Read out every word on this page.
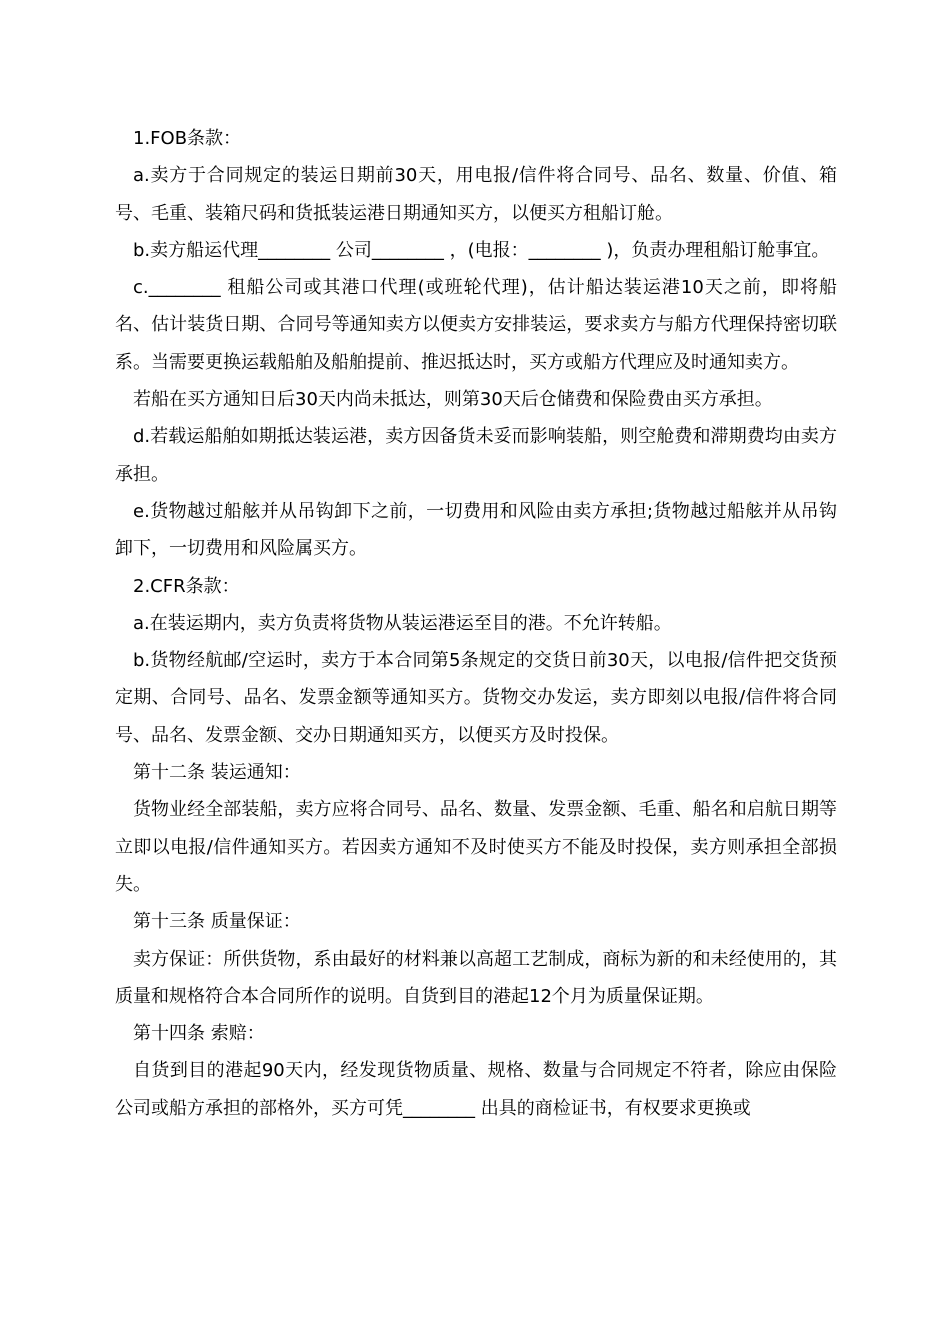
1.FOB条款：

a.卖方于合同规定的装运日期前30天，用电报/信件将合同号、品名、数量、价值、箱号、毛重、装箱尺码和货抵装运港日期通知买方，以便买方租船订舱。

b.卖方船运代理________ 公司________ ，(电报：________ )，负责办理租船订舱事宜。

c.________ 租船公司或其港口代理(或班轮代理)，估计船达装运港10天之前，即将船名、估计装货日期、合同号等通知卖方以便卖方安排装运，要求卖方与船方代理保持密切联系。当需要更换运载船舶及船舶提前、推迟抵达时，买方或船方代理应及时通知卖方。

若船在买方通知日后30天内尚未抵达，则第30天后仓储费和保险费由买方承担。

d.若载运船舶如期抵达装运港，卖方因备货未妥而影响装船，则空舱费和滞期费均由卖方承担。

e.货物越过船舷并从吊钩卸下之前，一切费用和风险由卖方承担;货物越过船舷并从吊钩卸下，一切费用和风险属买方。

2.CFR条款：

a.在装运期内，卖方负责将货物从装运港运至目的港。不允许转船。

b.货物经航邮/空运时，卖方于本合同第5条规定的交货日前30天，以电报/信件把交货预定期、合同号、品名、发票金额等通知买方。货物交办发运，卖方即刻以电报/信件将合同号、品名、发票金额、交办日期通知买方，以便买方及时投保。

第十二条 装运通知：

货物业经全部装船，卖方应将合同号、品名、数量、发票金额、毛重、船名和启航日期等立即以电报/信件通知买方。若因卖方通知不及时使买方不能及时投保，卖方则承担全部损失。

第十三条 质量保证：

卖方保证：所供货物，系由最好的材料兼以高超工艺制成，商标为新的和未经使用的，其质量和规格符合本合同所作的说明。自货到目的港起12个月为质量保证期。

第十四条 索赔：

自货到目的港起90天内，经发现货物质量、规格、数量与合同规定不符者，除应由保险公司或船方承担的部格外，买方可凭________ 出具的商检证书，有权要求更换或
